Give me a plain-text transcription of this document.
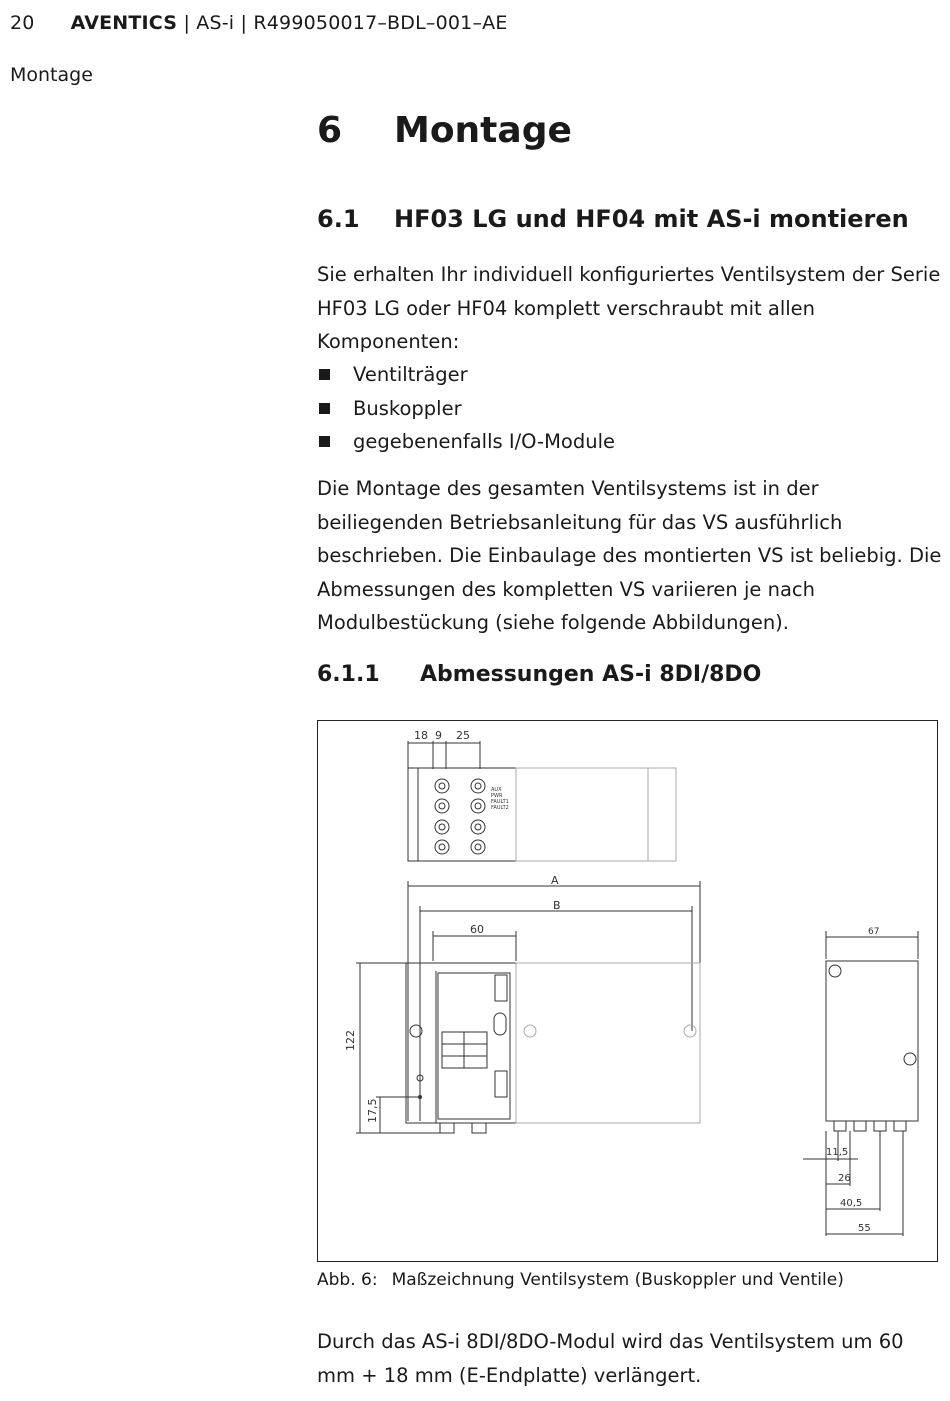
20 AVENTICS | AS-i | R499050017–BDL–001–AE
Montage
6 Montage
6.1 HF03 LG und HF04 mit AS-i montieren
Sie erhalten Ihr individuell konfiguriertes Ventilsystem der Serie HF03 LG oder HF04 komplett verschraubt mit allen Komponenten:
Ventilträger
Buskoppler
gegebenenfalls I/O-Module
Die Montage des gesamten Ventilsystems ist in der beiliegenden Betriebsanleitung für das VS ausführlich beschrieben. Die Einbaulage des montierten VS ist beliebig. Die Abmessungen des kompletten VS variieren je nach Modulbestückung (siehe folgende Abbildungen).
6.1.1 Abmessungen AS-i 8DI/8DO
AUX
PWR
FAULT1
FAULT2
18 9 25
A
B
60
122
17,5
67
11,5
26
40,5
55
Abb. 6: Maßzeichnung Ventilsystem (Buskoppler und Ventile)
Durch das AS-i 8DI/8DO-Modul wird das Ventilsystem um 60 mm + 18 mm (E-Endplatte) verlängert.
